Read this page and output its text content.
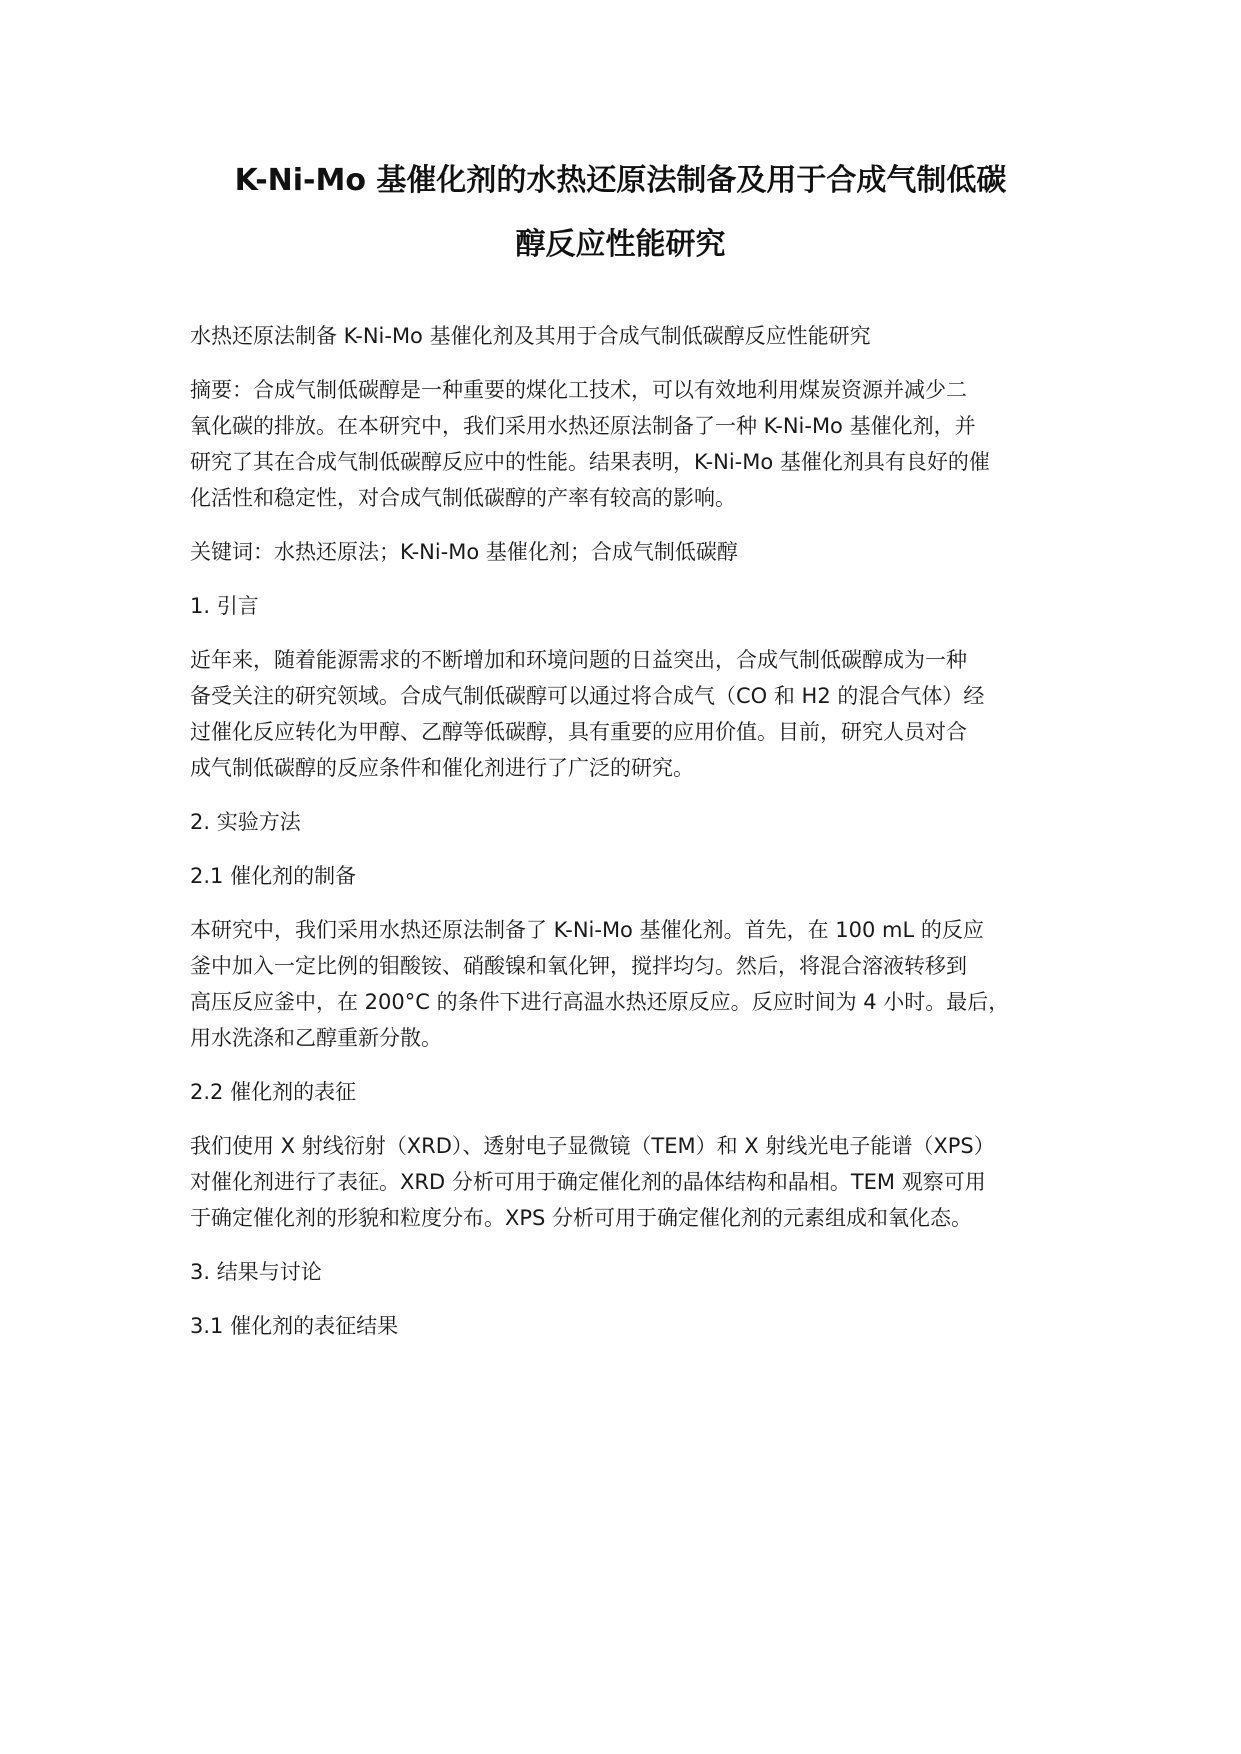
K-Ni-Mo 基催化剂的水热还原法制备及用于合成气制低碳
醇反应性能研究
水热还原法制备 K-Ni-Mo 基催化剂及其用于合成气制低碳醇反应性能研究
摘要：合成气制低碳醇是一种重要的煤化工技术，可以有效地利用煤炭资源并减少二
氧化碳的排放。在本研究中，我们采用水热还原法制备了一种 K-Ni-Mo 基催化剂，并
研究了其在合成气制低碳醇反应中的性能。结果表明，K-Ni-Mo 基催化剂具有良好的催
化活性和稳定性，对合成气制低碳醇的产率有较高的影响。
关键词：水热还原法；K-Ni-Mo 基催化剂；合成气制低碳醇
1. 引言
近年来，随着能源需求的不断增加和环境问题的日益突出，合成气制低碳醇成为一种
备受关注的研究领域。合成气制低碳醇可以通过将合成气（CO 和 H2 的混合气体）经
过催化反应转化为甲醇、乙醇等低碳醇，具有重要的应用价值。目前，研究人员对合
成气制低碳醇的反应条件和催化剂进行了广泛的研究。
2. 实验方法
2.1 催化剂的制备
本研究中，我们采用水热还原法制备了 K-Ni-Mo 基催化剂。首先，在 100 mL 的反应
釜中加入一定比例的钼酸铵、硝酸镍和氧化钾，搅拌均匀。然后，将混合溶液转移到
高压反应釜中，在 200°C 的条件下进行高温水热还原反应。反应时间为 4 小时。最后，
用水洗涤和乙醇重新分散。
2.2 催化剂的表征
我们使用 X 射线衍射（XRD）、透射电子显微镜（TEM）和 X 射线光电子能谱（XPS）
对催化剂进行了表征。XRD 分析可用于确定催化剂的晶体结构和晶相。TEM 观察可用
于确定催化剂的形貌和粒度分布。XPS 分析可用于确定催化剂的元素组成和氧化态。
3. 结果与讨论
3.1 催化剂的表征结果
